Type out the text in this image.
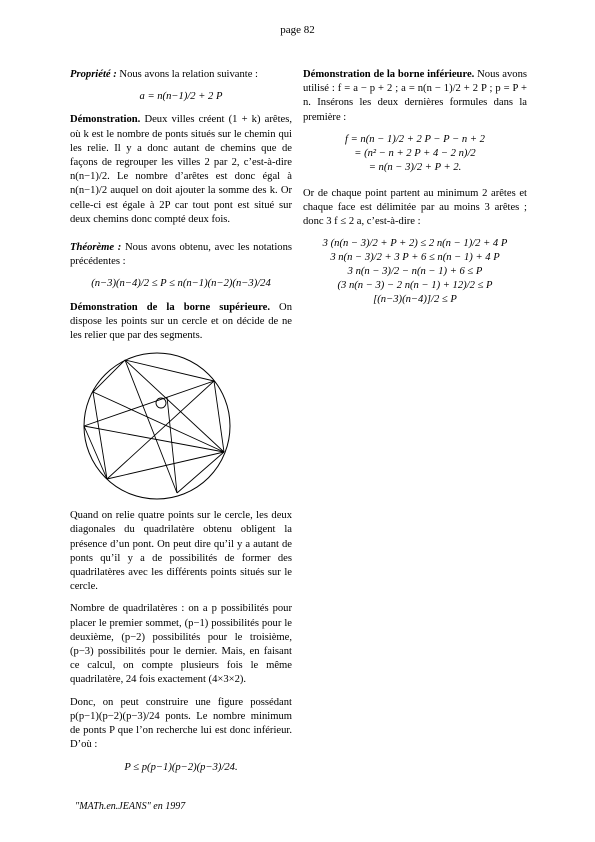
page 82

Propriété : Nous avons la relation suivante :

a = n(n−1)/2 + 2 P

Démonstration. Deux villes créent (1 + k) arêtes, où k est le nombre de ponts situés sur le chemin qui les relie. Il y a donc autant de chemins que de façons de regrouper les villes 2 par 2, c’est-à-dire n(n−1)/2. Le nombre d’arêtes est donc égal à n(n−1)/2 auquel on doit ajouter la somme des k. Or celle-ci est égale à 2P car tout pont est situé sur deux chemins donc compté deux fois.

Théorème : Nous avons obtenu, avec les notations précédentes :

(n−3)(n−4)/2 ≤ P ≤ n(n−1)(n−2)(n−3)/24

Démonstration de la borne supérieure. On dispose les points sur un cercle et on décide de ne les relier que par des segments.

Quand on relie quatre points sur le cercle, les deux diagonales du quadrilatère obtenu obligent la présence d’un pont. On peut dire qu’il y a autant de ponts qu’il y a de possibilités de former des quadrilatères avec les différents points situés sur le cercle.

Nombre de quadrilatères : on a p possibilités pour placer le premier sommet, (p−1) possibilités pour le deuxième, (p−2) possibilités pour le troisième, (p−3) possibilités pour le dernier. Mais, en faisant ce calcul, on compte plusieurs fois le même quadrilatère, 24 fois exactement (4×3×2).

Donc, on peut construire une figure possédant p(p−1)(p−2)(p−3)/24 ponts. Le nombre minimum de ponts P que l’on recherche lui est donc inférieur. D’où :

P ≤ p(p−1)(p−2)(p−3)/24.

Démonstration de la borne inférieure. Nous avons utilisé : f = a − p + 2 ; a = n(n − 1)/2 + 2 P ; p = P + n. Insérons les deux dernières formules dans la première :

f = n(n − 1)/2 + 2 P − P − n + 2
= (n² − n + 2 P + 4 − 2 n)/2
= n(n − 3)/2 + P + 2.

Or de chaque point partent au minimum 2 arêtes et chaque face est délimitée par au moins 3 arêtes ; donc 3 f ≤ 2 a, c’est-à-dire :

3 (n(n − 3)/2 + P + 2) ≤ 2 n(n − 1)/2 + 4 P
3 n(n − 3)/2 + 3 P + 6 ≤ n(n − 1) + 4 P
3 n(n − 3)/2 − n(n − 1) + 6 ≤ P
(3 n(n − 3) − 2 n(n − 1) + 12)/2 ≤ P
[(n−3)(n−4)]/2 ≤ P
"MATh.en.JEANS" en 1997
